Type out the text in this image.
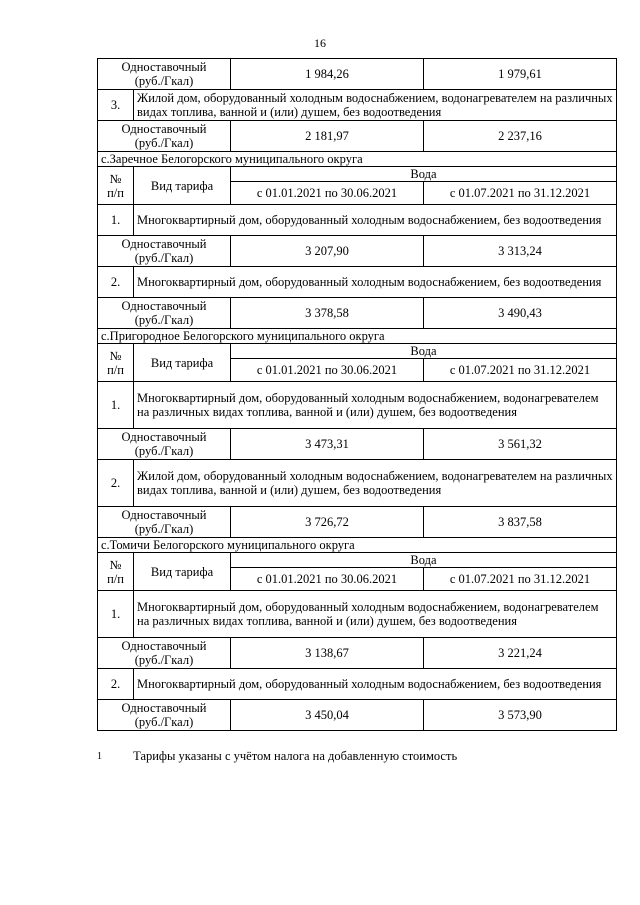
16
Одноставочный
(руб./Гкал)		1 984,26	1 979,61
3.	Жилой дом, оборудованный холодным водоснабжением, водонагревателем на различных видах топлива, ванной и (или) душем, без водоотведения		

Одноставочный
(руб./Гкал)		2 181,97	2 237,16
с.Заречное Белогорского муниципального округа			

№
п/п	Вид тарифа	Вода	
		с 01.01.2021 по 30.06.2021	с 01.07.2021 по 31.12.2021
1.	Многоквартирный дом, оборудованный холодным водоснабжением, без водоотведения		

Одноставочный
(руб./Гкал)		3 207,90	3 313,24
2.	Многоквартирный дом, оборудованный холодным водоснабжением, без водоотведения		

Одноставочный
(руб./Гкал)		3 378,58	3 490,43
с.Пригородное Белогорского муниципального округа			

№
п/п	Вид тарифа	Вода	
		с 01.01.2021 по 30.06.2021	с 01.07.2021 по 31.12.2021
1.	Многоквартирный дом, оборудованный холодным водоснабжением, водонагревателем на различных видах топлива, ванной и (или) душем, без водоотведения		

Одноставочный
(руб./Гкал)		3 473,31	3 561,32
2.	Жилой дом, оборудованный холодным водоснабжением, водонагревателем на различных видах топлива, ванной и (или) душем, без водоотведения		

Одноставочный
(руб./Гкал)		3 726,72	3 837,58
с.Томичи Белогорского муниципального округа			

№
п/п	Вид тарифа	Вода	
		с 01.01.2021 по 30.06.2021	с 01.07.2021 по 31.12.2021
1.	Многоквартирный дом, оборудованный холодным водоснабжением, водонагревателем на различных видах топлива, ванной и (или) душем, без водоотведения		

Одноставочный
(руб./Гкал)		3 138,67	3 221,24
2.	Многоквартирный дом, оборудованный холодным водоснабжением, без водоотведения		

Одноставочный
(руб./Гкал)		3 450,04	3 573,90
1 Тарифы указаны с учётом налога на добавленную стоимость
